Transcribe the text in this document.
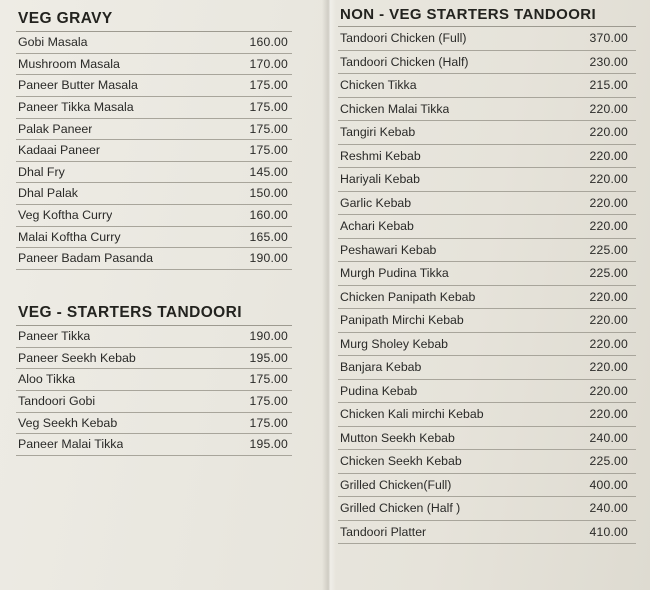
VEG GRAVY
Gobi Masala	160.00
Mushroom Masala	170.00
Paneer Butter Masala	175.00
Paneer Tikka Masala	175.00
Palak Paneer	175.00
Kadaai Paneer	175.00
Dhal Fry	145.00
Dhal Palak	150.00
Veg Koftha Curry	160.00
Malai Koftha Curry	165.00
Paneer Badam Pasanda	190.00
VEG - STARTERS TANDOORI
Paneer Tikka	190.00
Paneer Seekh Kebab	195.00
Aloo Tikka	175.00
Tandoori Gobi	175.00
Veg Seekh Kebab	175.00
Paneer Malai Tikka	195.00
NON - VEG STARTERS TANDOORI
Tandoori Chicken (Full)	370.00
Tandoori Chicken (Half)	230.00
Chicken Tikka	215.00
Chicken Malai Tikka	220.00
Tangiri Kebab	220.00
Reshmi Kebab	220.00
Hariyali Kebab	220.00
Garlic Kebab	220.00
Achari Kebab	220.00
Peshawari Kebab	225.00
Murgh Pudina Tikka	225.00
Chicken Panipath Kebab	220.00
Panipath Mirchi Kebab	220.00
Murg Sholey Kebab	220.00
Banjara Kebab	220.00
Pudina Kebab	220.00
Chicken Kali mirchi Kebab	220.00
Mutton Seekh Kebab	240.00
Chicken Seekh Kebab	225.00
Grilled Chicken(Full)	400.00
Grilled Chicken (Half )	240.00
Tandoori Platter	410.00
